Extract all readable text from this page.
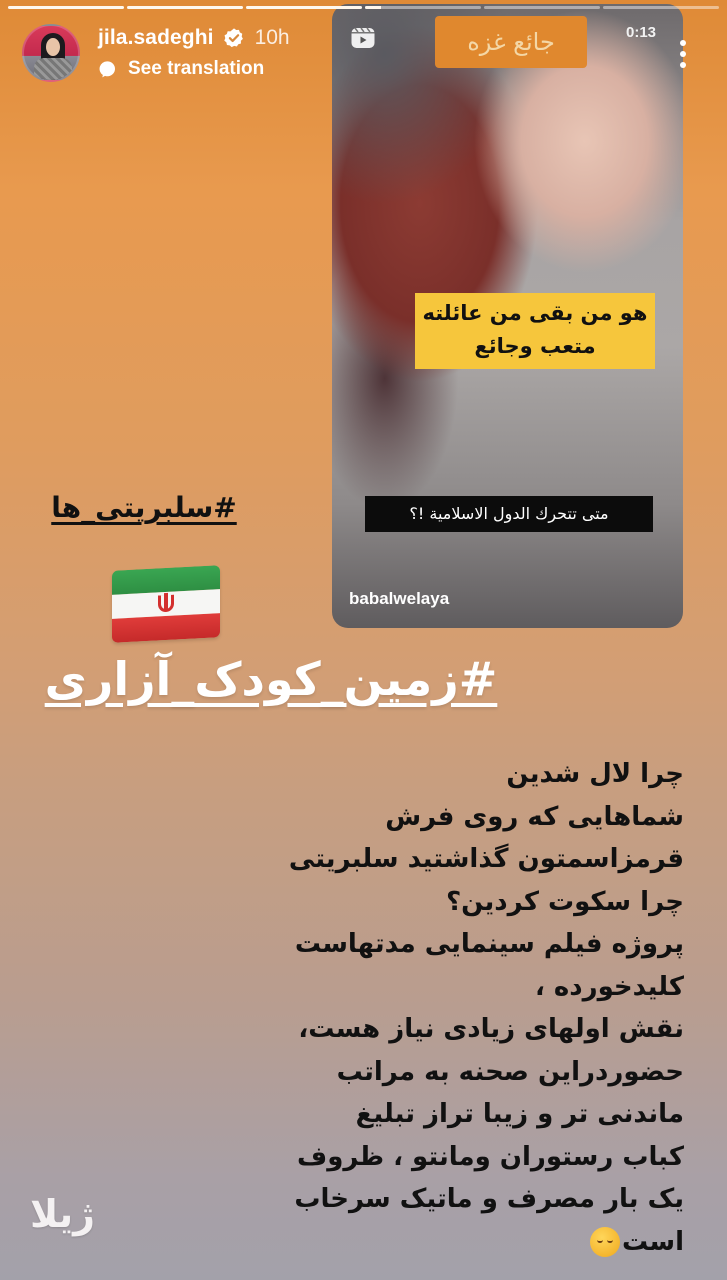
jila.sadeghi 10h
See translation
جائع غزه	0:13
هو من بقی من عائلته
متعب وجائع
متی تتحرك الدول الاسلامية !؟
babalwelaya
#سلبریتی_ها
#زمین_کودک_آزاری
چرا لال شدین
شماهایی که روی فرش
قرمزاسمتون گذاشتید سلبریتی
چرا سکوت کردین؟
پروژه فیلم سینمایی مدتهاست
کلیدخورده ،
نقش اولهای زیادی نیاز هست،
حضوردراین صحنه به مراتب
ماندنی تر و زیبا تراز تبلیغ
کباب رستوران ومانتو ، ظروف
یک بار مصرف و ماتیک سرخاب
است
ژیلا
